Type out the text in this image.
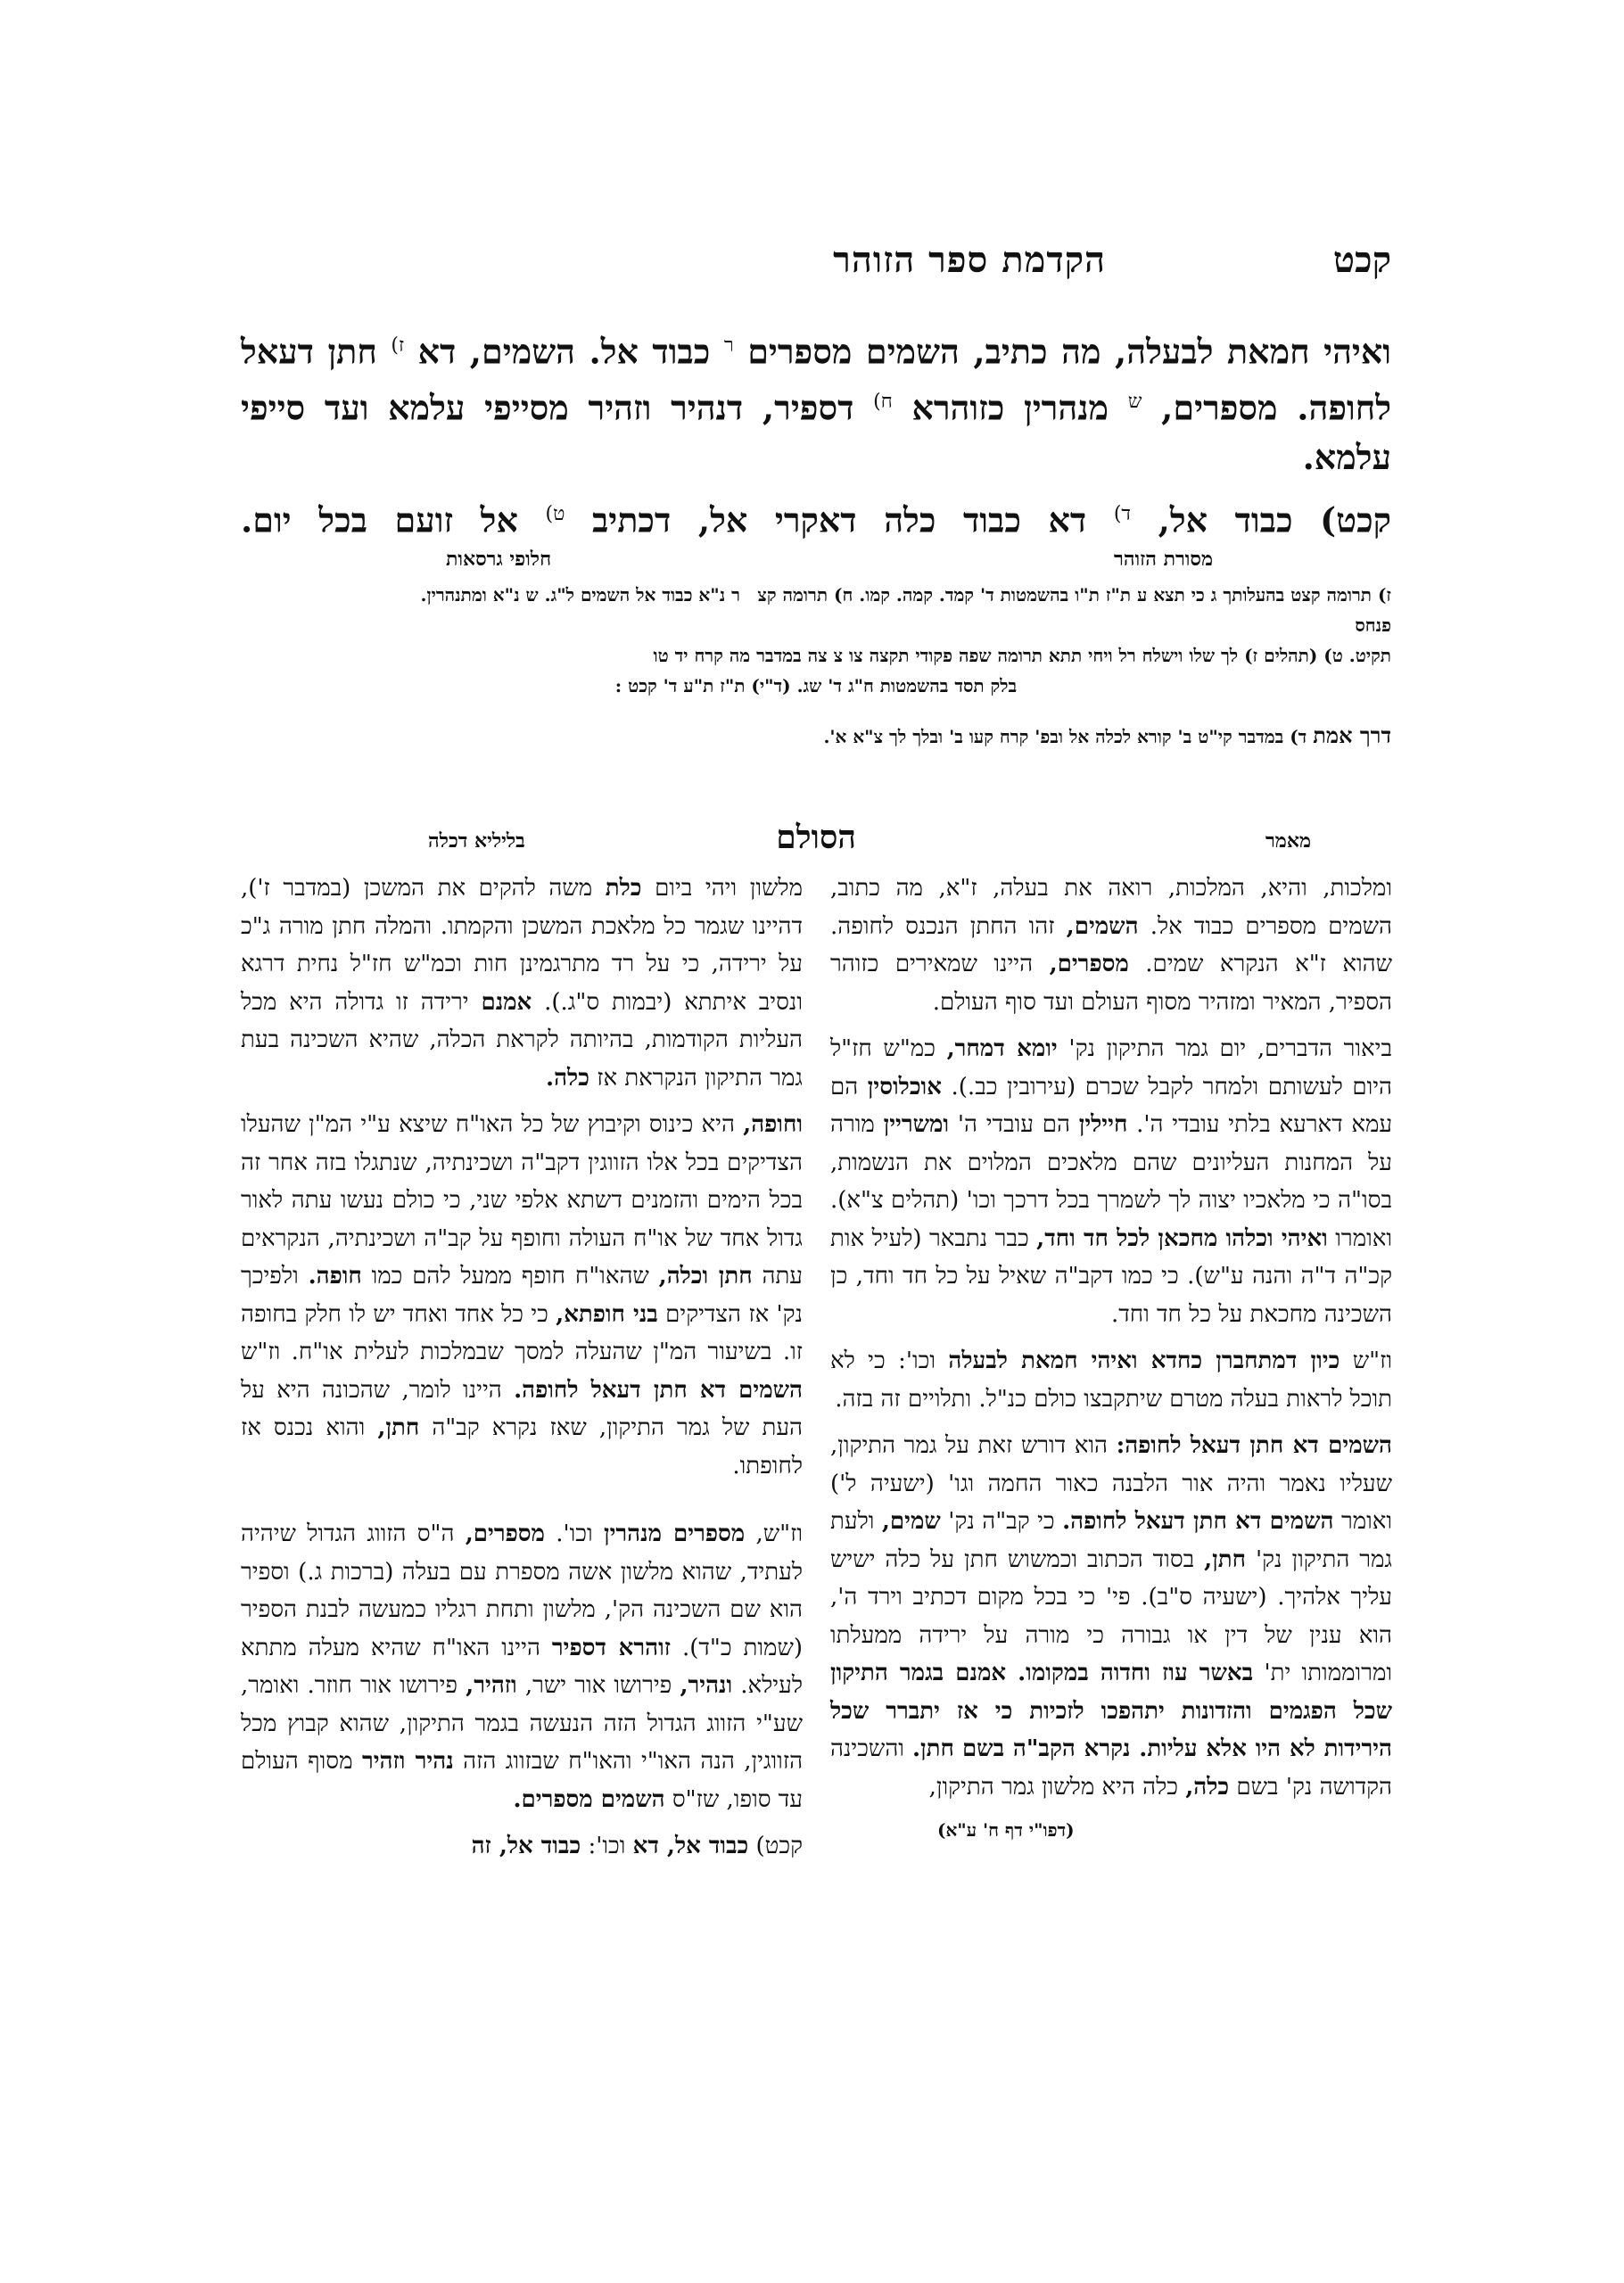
הקדמת ספר הזוהר	קכט

ואיהי חמאת לבעלה, מה כתיב, השמים מספרים $^ר$ כבוד אל. השמים, דא $^{ז)}$ חתן דעאל לחופה. מספרים, $^ש$ מנהרין כזוהרא $^{ח)}$ דספיר, דנהיר וזהיר מסייפי עלמא ועד סייפי עלמא.

קכט) כבוד אל, $^{ד)}$ דא כבוד כלה דאקרי אל, דכתיב $^{ט)}$ אל זועם בכל יום.

מסורת הזוהר
חלופי גרסאות
ז) תרומה קצט בהעלותך ג כי תצא ע ת"ז ת"ו בהשמטות ד' קמד. קמה. קמו. ח) תרומה קצ פנחס
ר נ"א כבוד אל השמים ל"ג. ש נ"א ומתנהרין.
תקיט. ט) (תהלים ז) לך שלו וישלח רל ויחי תתא תרומה שפה פקודי תקצה צו צ צה במדבר מה קרח יד טו
בלק תסד בהשמטות ח"ג ד' שג. (ד"י) ת"ז ת"ע ד' קכט :
דרך אמת ד) במדבר קי"ט ב' קורא לכלה אל ובפ' קרח קעו ב' ובלך לך צ"א א'.
מאמר
הסולם
בליליא דכלה

ומלכות, והיא, המלכות, רואה את בעלה, ז"א, מה כתוב, השמים מספרים כבוד אל. השמים, זהו החתן הנכנס לחופה. שהוא ז"א הנקרא שמים. מספרים, היינו שמאירים כזוהר הספיר, המאיר ומזהיר מסוף העולם ועד סוף העולם.

ביאור הדברים, יום גמר התיקון נק' יומא דמחר, כמ"ש חז"ל היום לעשותם ולמחר לקבל שכרם (עירובין כב.). אוכלוסין הם עמא דארעא בלתי עובדי ה'. חיילין הם עובדי ה' ומשריין מורה על המחנות העליונים שהם מלאכים המלוים את הנשמות, בסו"ה כי מלאכיו יצוה לך לשמרך בכל דרכך וכו' (תהלים צ"א). ואומרו ואיהי וכלהו מחכאן לכל חד וחד, כבר נתבאר (לעיל אות קכ"ה ד"ה והנה ע"ש). כי כמו דקב"ה שאיל על כל חד וחד, כן השכינה מחכאת על כל חד וחד.

וז"ש כיון דמתחברן כחדא ואיהי חמאת לבעלה וכו': כי לא תוכל לראות בעלה מטרם שיתקבצו כולם כנ"ל. ותלויים זה בזה.

השמים דא חתן דעאל לחופה: הוא דורש זאת על גמר התיקון, שעליו נאמר והיה אור הלבנה כאור החמה וגו' (ישעיה ל') ואומר השמים דא חתן דעאל לחופה. כי קב"ה נק' שמים, ולעת גמר התיקון נק' חתן, בסוד הכתוב וכמשוש חתן על כלה ישיש עליך אלהיך. (ישעיה ס"ב). פי' כי בכל מקום דכתיב וירד ה', הוא ענין של דין או גבורה כי מורה על ירידה ממעלתו ומרוממותו ית' באשר עוז וחדוה במקומו. אמנם בגמר התיקון שכל הפגמים והזדונות יתהפכו לזכיות כי אז יתברר שכל הירידות לא היו אלא עליות. נקרא הקב"ה בשם חתן. והשכינה הקדושה נק' בשם כלה, כלה היא מלשון גמר התיקון,

(דפו"י דף ח' ע"א)

מלשון ויהי ביום כלת משה להקים את המשכן (במדבר ז'), דהיינו שגמר כל מלאכת המשכן והקמתו. והמלה חתן מורה ג"כ על ירידה, כי על רד מתרגמינן חות וכמ"ש חז"ל נחית דרגא ונסיב איתתא (יבמות ס"ג.). אמנם ירידה זו גדולה היא מכל העליות הקודמות, בהיותה לקראת הכלה, שהיא השכינה בעת גמר התיקון הנקראת אז כלה.

וחופה, היא כינוס וקיבוץ של כל האו"ח שיצא ע"י המ"ן שהעלו הצדיקים בכל אלו הזווגין דקב"ה ושכינתיה, שנתגלו בזה אחר זה בכל הימים והזמנים דשתא אלפי שני, כי כולם נעשו עתה לאור גדול אחד של או"ח העולה וחופף על קב"ה ושכינתיה, הנקראים עתה חתן וכלה, שהאו"ח חופף ממעל להם כמו חופה. ולפיכך נק' אז הצדיקים בני חופתא, כי כל אחד ואחד יש לו חלק בחופה זו. בשיעור המ"ן שהעלה למסך שבמלכות לעלית או"ח. וז"ש השמים דא חתן דעאל לחופה. היינו לומר, שהכונה היא על העת של גמר התיקון, שאז נקרא קב"ה חתן, והוא נכנס אז לחופתו.

וז"ש, מספרים מנהרין וכו'. מספרים, ה"ס הזווג הגדול שיהיה לעתיד, שהוא מלשון אשה מספרת עם בעלה (ברכות ג.) וספיר הוא שם השכינה הק', מלשון ותחת רגליו כמעשה לבנת הספיר (שמות כ"ד). זוהרא דספיר היינו האו"ח שהיא מעלה מתתא לעילא. ונהיר, פירושו אור ישר, וזהיר, פירושו אור חוזר. ואומר, שע"י הזווג הגדול הזה הנעשה בגמר התיקון, שהוא קבוץ מכל הזווגין, הנה האו"י והאו"ח שבזווג הזה נהיר וזהיר מסוף העולם עד סופו, שז"ס השמים מספרים.

קכט) כבוד אל, דא וכו': כבוד אל, זה
